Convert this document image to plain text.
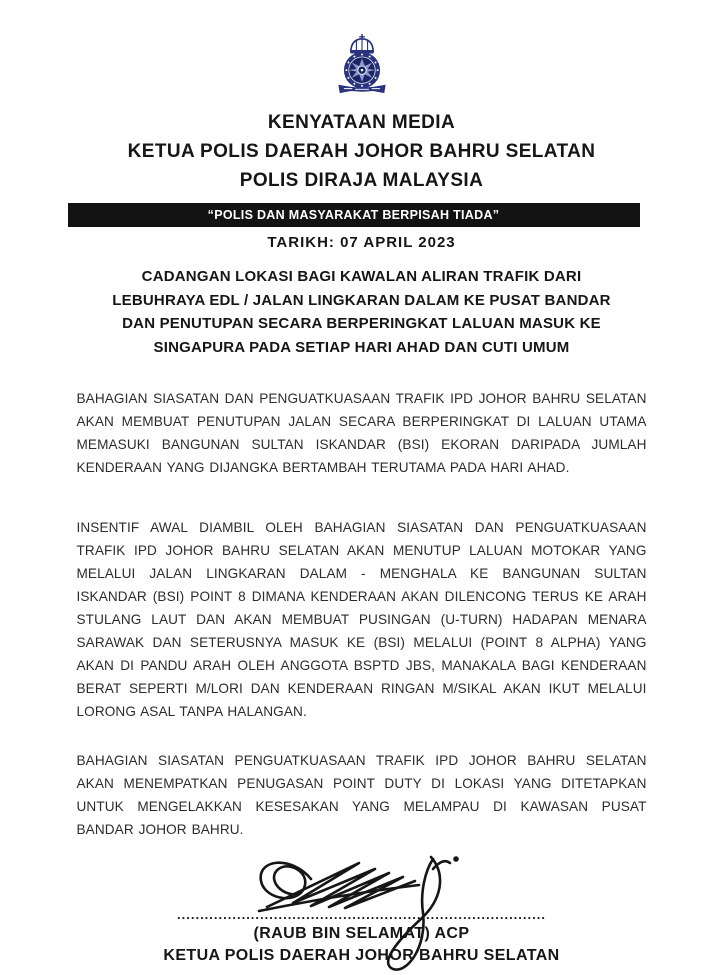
KENYATAAN MEDIA
KETUA POLIS DAERAH JOHOR BAHRU SELATAN
POLIS DIRAJA MALAYSIA
“POLIS DAN MASYARAKAT BERPISAH TIADA”
TARIKH: 07 APRIL 2023
CADANGAN LOKASI BAGI KAWALAN ALIRAN TRAFIK DARI
LEBUHRAYA EDL / JALAN LINGKARAN DALAM KE PUSAT BANDAR
DAN PENUTUPAN SECARA BERPERINGKAT LALUAN MASUK KE
SINGAPURA PADA SETIAP HARI AHAD DAN CUTI UMUM

BAHAGIAN SIASATAN DAN PENGUATKUASAAN TRAFIK IPD JOHOR BAHRU SELATAN AKAN MEMBUAT PENUTUPAN JALAN SECARA BERPERINGKAT DI LALUAN UTAMA MEMASUKI BANGUNAN SULTAN ISKANDAR (BSI) EKORAN DARIPADA JUMLAH KENDERAAN YANG DIJANGKA BERTAMBAH TERUTAMA PADA HARI AHAD.

INSENTIF AWAL DIAMBIL OLEH BAHAGIAN SIASATAN DAN PENGUATKUASAAN TRAFIK IPD JOHOR BAHRU SELATAN AKAN MENUTUP LALUAN MOTOKAR YANG MELALUI JALAN LINGKARAN DALAM - MENGHALA KE BANGUNAN SULTAN ISKANDAR (BSI) POINT 8 DIMANA KENDERAAN AKAN DILENCONG TERUS KE ARAH STULANG LAUT DAN AKAN MEMBUAT PUSINGAN (U-TURN) HADAPAN MENARA SARAWAK DAN SETERUSNYA MASUK KE (BSI) MELALUI (POINT 8 ALPHA) YANG AKAN DI PANDU ARAH OLEH ANGGOTA BSPTD JBS, MANAKALA BAGI KENDERAAN BERAT SEPERTI M/LORI DAN KENDERAAN RINGAN M/SIKAL AKAN IKUT MELALUI LORONG ASAL TANPA HALANGAN.

BAHAGIAN SIASATAN PENGUATKUASAAN TRAFIK IPD JOHOR BAHRU SELATAN AKAN MENEMPATKAN PENUGASAN POINT DUTY DI LOKASI YANG DITETAPKAN UNTUK MENGELAKKAN KESESAKAN YANG MELAMPAU DI KAWASAN PUSAT BANDAR JOHOR BAHRU.

................................................................................
(RAUB BIN SELAMAT) ACP
KETUA POLIS DAERAH JOHOR BAHRU SELATAN
